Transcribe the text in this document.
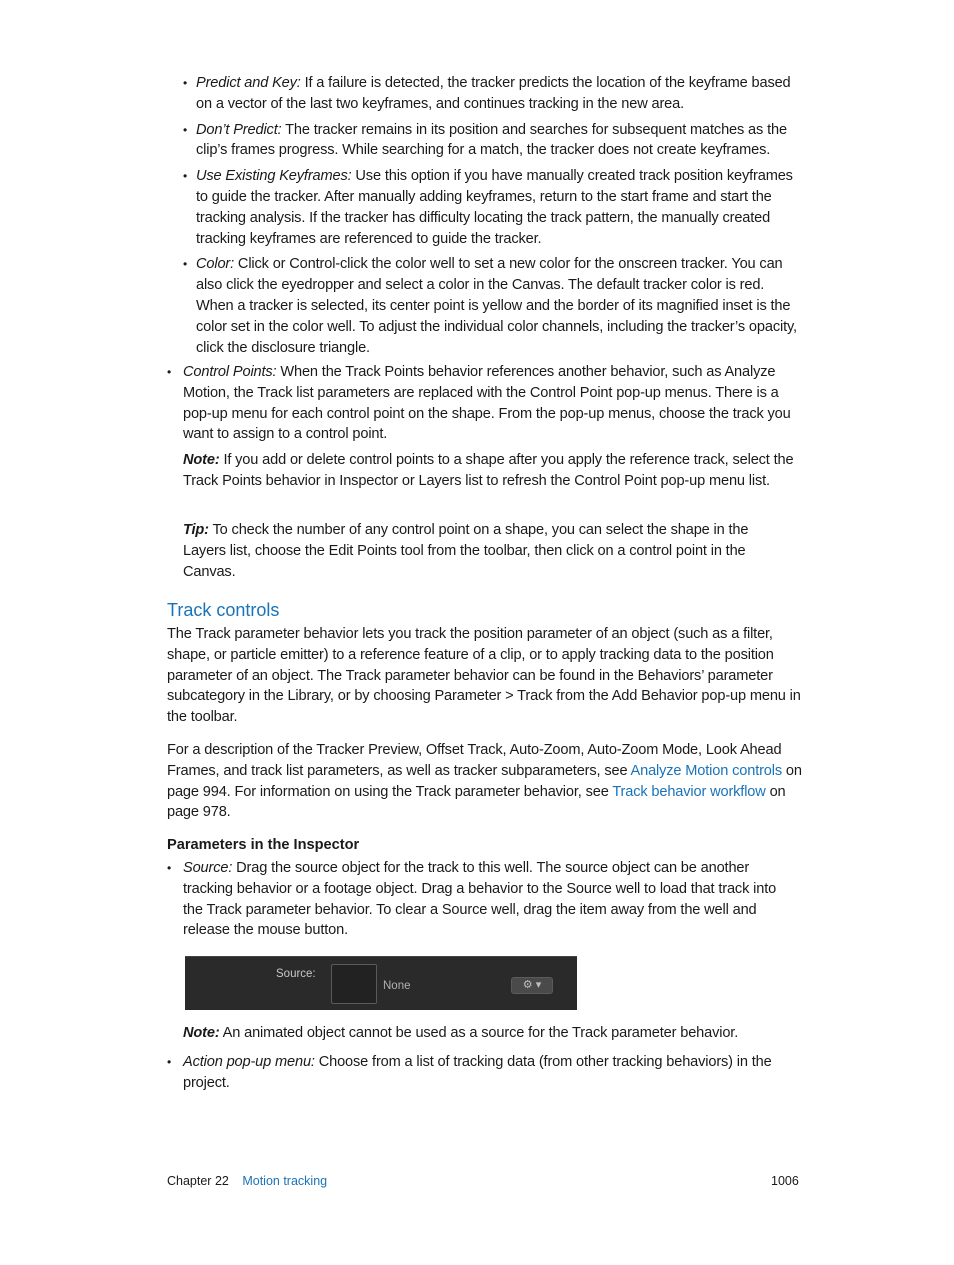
• Predict and Key: If a failure is detected, the tracker predicts the location of the keyframe based on a vector of the last two keyframes, and continues tracking in the new area.
• Don’t Predict: The tracker remains in its position and searches for subsequent matches as the clip’s frames progress. While searching for a match, the tracker does not create keyframes.
• Use Existing Keyframes: Use this option if you have manually created track position keyframes to guide the tracker. After manually adding keyframes, return to the start frame and start the tracking analysis. If the tracker has difficulty locating the track pattern, the manually created tracking keyframes are referenced to guide the tracker.
• Color: Click or Control-click the color well to set a new color for the onscreen tracker. You can also click the eyedropper and select a color in the Canvas. The default tracker color is red. When a tracker is selected, its center point is yellow and the border of its magnified inset is the color set in the color well. To adjust the individual color channels, including the tracker’s opacity, click the disclosure triangle.
• Control Points: When the Track Points behavior references another behavior, such as Analyze Motion, the Track list parameters are replaced with the Control Point pop-up menus. There is a pop-up menu for each control point on the shape. From the pop-up menus, choose the track you want to assign to a control point.
Note: If you add or delete control points to a shape after you apply the reference track, select the Track Points behavior in Inspector or Layers list to refresh the Control Point pop-up menu list.
Tip: To check the number of any control point on a shape, you can select the shape in the Layers list, choose the Edit Points tool from the toolbar, then click on a control point in the Canvas.
Track controls

The Track parameter behavior lets you track the position parameter of an object (such as a filter, shape, or particle emitter) to a reference feature of a clip, or to apply tracking data to the position parameter of an object. The Track parameter behavior can be found in the Behaviors’ parameter subcategory in the Library, or by choosing Parameter > Track from the Add Behavior pop-up menu in the toolbar.

For a description of the Tracker Preview, Offset Track, Auto-Zoom, Auto-Zoom Mode, Look Ahead Frames, and track list parameters, as well as tracker subparameters, see Analyze Motion controls on page 994. For information on using the Track parameter behavior, see Track behavior workflow on page 978.

Parameters in the Inspector
• Source: Drag the source object for the track to this well. The source object can be another tracking behavior or a footage object. Drag a behavior to the Source well to load that track into the Track parameter behavior. To clear a Source well, drag the item away from the well and release the mouse button.
Source:
None	⚙ ▾
Note: An animated object cannot be used as a source for the Track parameter behavior.
• Action pop-up menu: Choose from a list of tracking data (from other tracking behaviors) in the project.
Chapter 22 Motion tracking	1006
